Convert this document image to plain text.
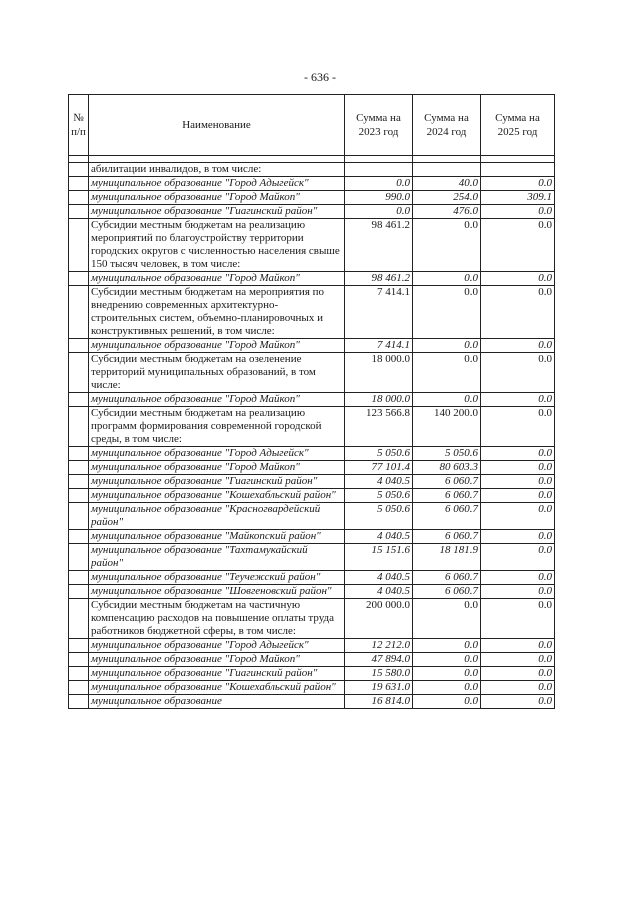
- 636 -
№ п/п	Наименование	Сумма на 2023 год	Сумма на 2024 год	Сумма на 2025 год

	абилитации инвалидов, в том числе:			
	муниципальное образование "Город Адыгейск"	0.0	40.0	0.0
	муниципальное образование "Город Майкоп"	990.0	254.0	309.1
	муниципальное образование "Гиагинский район"	0.0	476.0	0.0
	Субсидии местным бюджетам на реализацию мероприятий по благоустройству территории городских округов с численностью населения свыше 150 тысяч человек, в том числе:	98 461.2	0.0	0.0
	муниципальное образование "Город Майкоп"	98 461.2	0.0	0.0
	Субсидии местным бюджетам на мероприятия по внедрению современных архитектурно-строительных систем, объемно-планировочных и конструктивных решений, в том числе:	7 414.1	0.0	0.0
	муниципальное образование "Город Майкоп"	7 414.1	0.0	0.0
	Субсидии местным бюджетам на озеленение территорий муниципальных образований, в том числе:	18 000.0	0.0	0.0
	муниципальное образование "Город Майкоп"	18 000.0	0.0	0.0
	Субсидии местным бюджетам на реализацию программ формирования современной городской среды, в том числе:	123 566.8	140 200.0	0.0
	муниципальное образование "Город Адыгейск"	5 050.6	5 050.6	0.0
	муниципальное образование "Город Майкоп"	77 101.4	80 603.3	0.0
	муниципальное образование "Гиагинский район"	4 040.5	6 060.7	0.0
	муниципальное образование "Кошехабльский район"	5 050.6	6 060.7	0.0
	муниципальное образование "Красногвардейский район"	5 050.6	6 060.7	0.0
	муниципальное образование "Майкопский район"	4 040.5	6 060.7	0.0
	муниципальное образование "Тахтамукайский район"	15 151.6	18 181.9	0.0
	муниципальное образование "Теучежский район"	4 040.5	6 060.7	0.0
	муниципальное образование "Шовгеновский район"	4 040.5	6 060.7	0.0
	Субсидии местным бюджетам на частичную компенсацию расходов на повышение оплаты труда работников бюджетной сферы, в том числе:	200 000.0	0.0	0.0
	муниципальное образование "Город Адыгейск"	12 212.0	0.0	0.0
	муниципальное образование "Город Майкоп"	47 894.0	0.0	0.0
	муниципальное образование "Гиагинский район"	15 580.0	0.0	0.0
	муниципальное образование "Кошехабльский район"	19 631.0	0.0	0.0
	муниципальное образование	16 814.0	0.0	0.0
